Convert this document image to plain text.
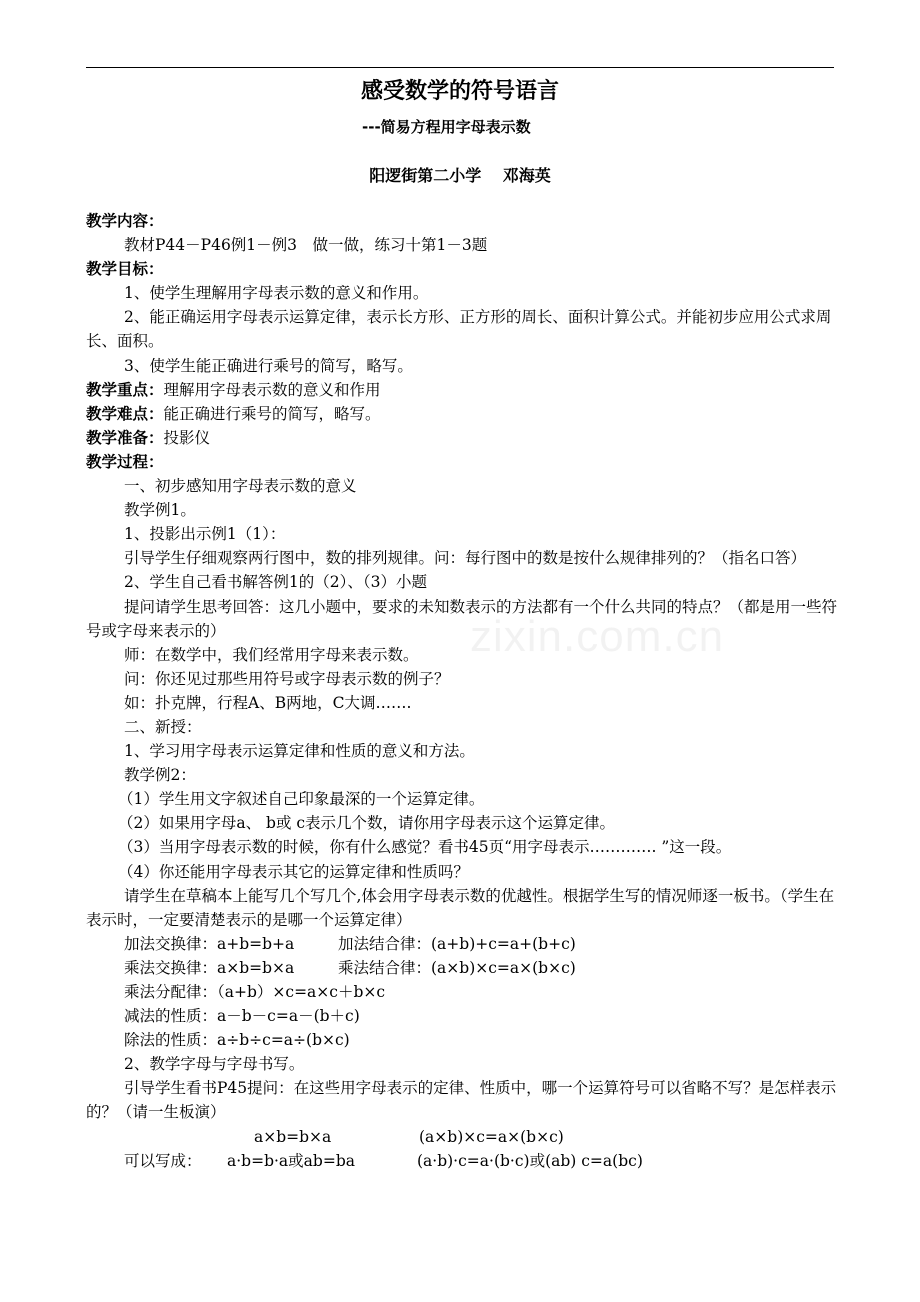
感受数学的符号语言
---简易方程用字母表示数
阳逻街第二小学　 邓海英
zixin.com.cn

教学内容：

教材P44－P46例1－例3　做一做，练习十第1－3题

教学目标：

1、使学生理解用字母表示数的意义和作用。

2、能正确运用字母表示运算定律，表示长方形、正方形的周长、面积计算公式。并能初步应用公式求周长、面积。

3、使学生能正确进行乘号的简写，略写。

教学重点：理解用字母表示数的意义和作用

教学难点：能正确进行乘号的简写，略写。

教学准备：投影仪

教学过程：

一、初步感知用字母表示数的意义

教学例1。

1、投影出示例1（1）：

引导学生仔细观察两行图中，数的排列规律。问：每行图中的数是按什么规律排列的？（指名口答）

2、学生自己看书解答例1的（2）、（3）小题

提问请学生思考回答：这几小题中，要求的未知数表示的方法都有一个什么共同的特点？（都是用一些符号或字母来表示的）

师：在数学中，我们经常用字母来表示数。

问：你还见过那些用符号或字母表示数的例子？

如：扑克牌，行程A、B两地，C大调…….

二、新授：

1、学习用字母表示运算定律和性质的意义和方法。

教学例2：

（1）学生用文字叙述自己印象最深的一个运算定律。

（2）如果用字母a、 b或 c表示几个数，请你用字母表示这个运算定律。

（3）当用字母表示数的时候，你有什么感觉？看书45页“用字母表示…………. ”这一段。

（4）你还能用字母表示其它的运算定律和性质吗？

请学生在草稿本上能写几个写几个,体会用字母表示数的优越性。根据学生写的情况师逐一板书。（学生在表示时，一定要清楚表示的是哪一个运算定律）

加法交换律：a+b=b+a	加法结合律：(a+b)+c=a+(b+c)

乘法交换律：a×b=b×a	乘法结合律：(a×b)×c=a×(b×c)

乘法分配律：（a+b）×c=a×c＋b×c

减法的性质：a－b－c=a－(b＋c)

除法的性质：a÷b÷c=a÷(b×c)

2、教学字母与字母书写。

引导学生看书P45提问：在这些用字母表示的定律、性质中，哪一个运算符号可以省略不写？是怎样表示的？（请一生板演）

a×b=b×a	(a×b)×c=a×(b×c)

可以写成： a·b=b·a或ab=ba	(a·b)·c=a·(b·c)或(ab) c=a(bc)
